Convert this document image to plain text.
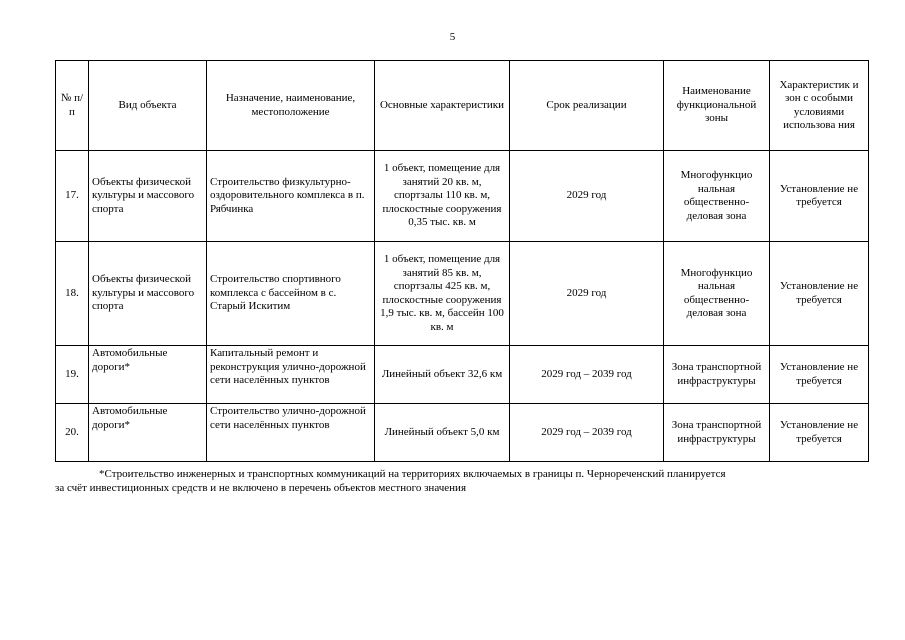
5
№ п/п	Вид объекта	Назначение, наименование, местоположение	Основные характеристики	Срок реализации	Наименование функциональной зоны	Характеристик и зон с особыми условиями использова ния
17.	Объекты физической культуры и массового спорта	Строительство физкультурно-оздоровительного комплекса в п. Рябчинка	1 объект, помещение для занятий 20 кв. м, спортзалы 110 кв. м, плоскостные сооружения 0,35 тыс. кв. м	2029 год	Многофункцио нальная общественно-деловая зона	Установление не требуется
18.	Объекты физической культуры и массового спорта	Строительство спортивного комплекса с бассейном в с. Старый Искитим	1 объект, помещение для занятий 85 кв. м, спортзалы 425 кв. м, плоскостные сооружения 1,9 тыс. кв. м, бассейн 100 кв. м	2029 год	Многофункцио нальная общественно-деловая зона	Установление не требуется
19.	Автомобильные дороги*	Капитальный ремонт и реконструкция улично-дорожной сети населённых пунктов	Линейный объект 32,6 км	2029 год – 2039 год	Зона транспортной инфраструктуры	Установление не требуется
20.	Автомобильные дороги*	Строительство улично-дорожной сети населённых пунктов	Линейный объект 5,0 км	2029 год – 2039 год	Зона транспортной инфраструктуры	Установление не требуется

*Строительство инженерных и транспортных коммуникаций на территориях включаемых в границы п. Чернореченский планируется

за счёт инвестиционных средств и не включено в перечень объектов местного значения
